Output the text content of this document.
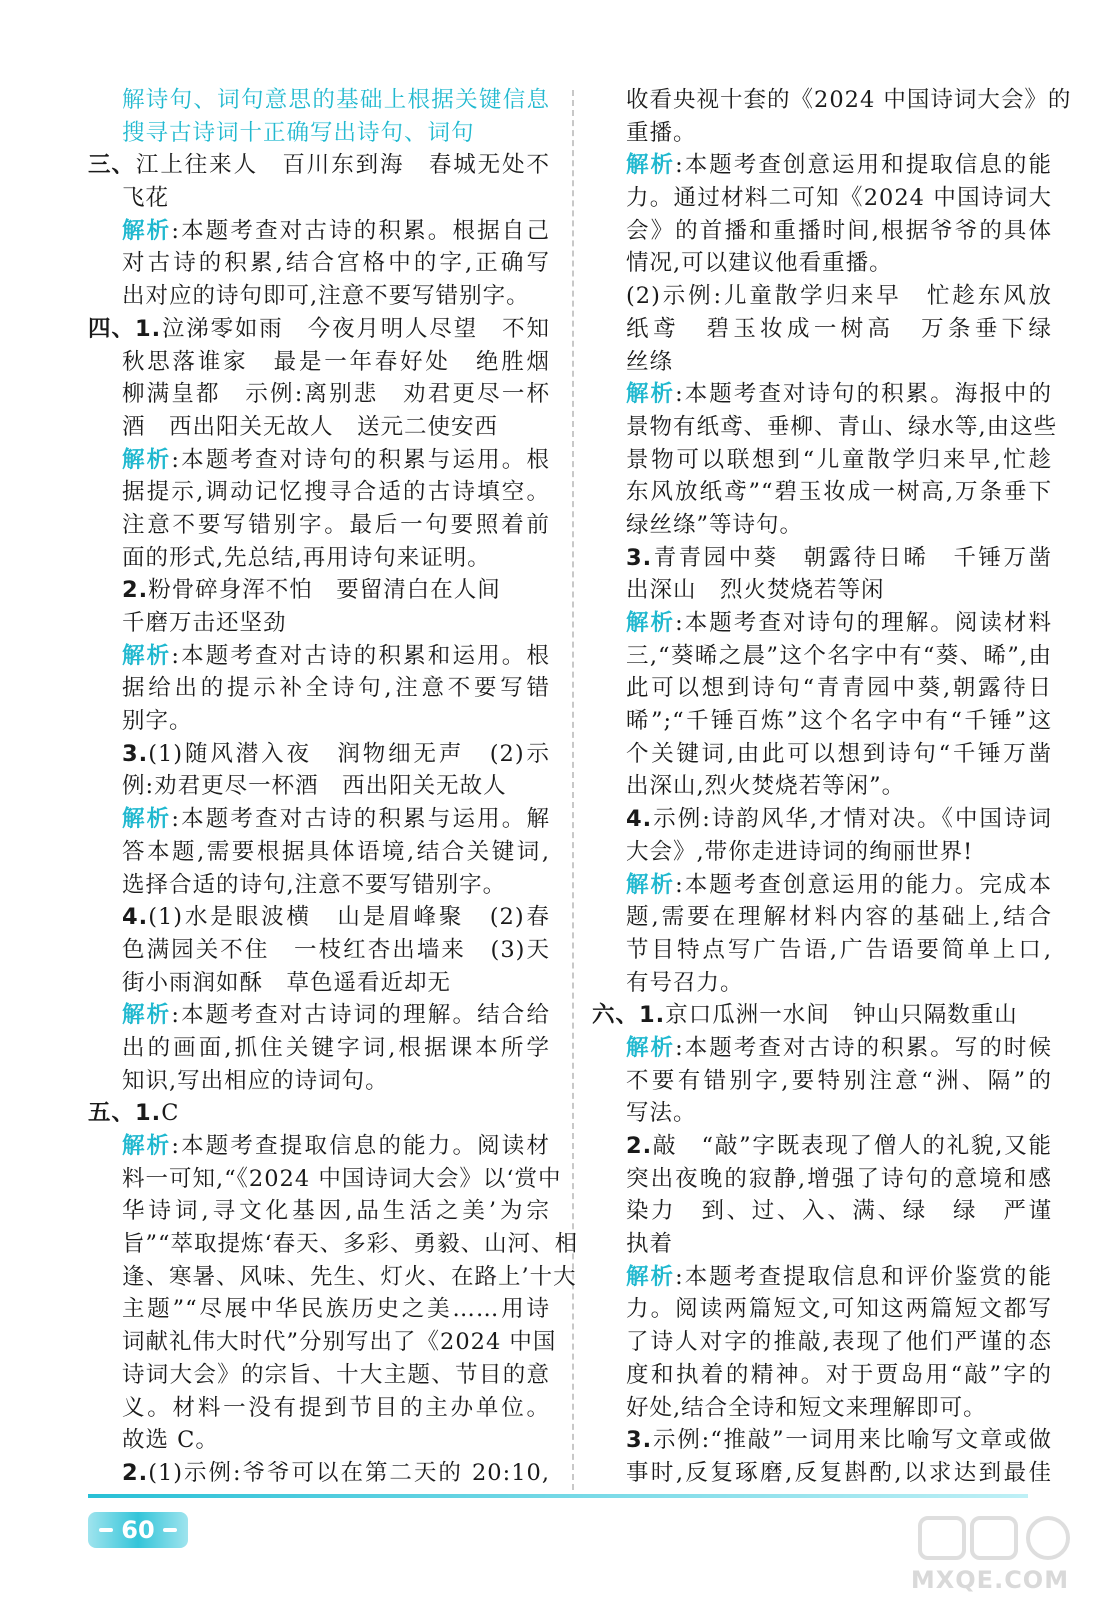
解诗句、词句意思的基础上根据关键信息
搜寻古诗词十正确写出诗句、词句
三、江上往来人　百川东到海　春城无处不
飞花
解析:本题考查对古诗的积累。根据自己
对古诗的积累,结合宫格中的字,正确写
出对应的诗句即可,注意不要写错别字。
四、1.泣涕零如雨　今夜月明人尽望　不知
秋思落谁家　最是一年春好处　绝胜烟
柳满皇都　示例:离别悲　劝君更尽一杯
酒　西出阳关无故人　送元二使安西
解析:本题考查对诗句的积累与运用。根
据提示,调动记忆搜寻合适的古诗填空。
注意不要写错别字。最后一句要照着前
面的形式,先总结,再用诗句来证明。
2.粉骨碎身浑不怕　要留清白在人间
千磨万击还坚劲
解析:本题考查对古诗的积累和运用。根
据给出的提示补全诗句,注意不要写错
别字。
3.(1)随风潜入夜　润物细无声　(2)示
例:劝君更尽一杯酒　西出阳关无故人
解析:本题考查对古诗的积累与运用。解
答本题,需要根据具体语境,结合关键词,
选择合适的诗句,注意不要写错别字。
4.(1)水是眼波横　山是眉峰聚　(2)春
色满园关不住　一枝红杏出墙来　(3)天
街小雨润如酥　草色遥看近却无
解析:本题考查对古诗词的理解。结合给
出的画面,抓住关键字词,根据课本所学
知识,写出相应的诗词句。
五、1.C
解析:本题考查提取信息的能力。阅读材
料一可知,“《2024 中国诗词大会》以‘赏中
华诗词,寻文化基因,品生活之美’为宗
旨”“萃取提炼‘春天、多彩、勇毅、山河、相
逢、寒暑、风味、先生、灯火、在路上’十大
主题”“尽展中华民族历史之美……用诗
词献礼伟大时代”分别写出了《2024 中国
诗词大会》的宗旨、十大主题、节目的意
义。材料一没有提到节目的主办单位。
故选 C。
2.(1)示例:爷爷可以在第二天的 20:10,
收看央视十套的《2024 中国诗词大会》的
重播。
解析:本题考查创意运用和提取信息的能
力。通过材料二可知《2024 中国诗词大
会》的首播和重播时间,根据爷爷的具体
情况,可以建议他看重播。
(2)示例:儿童散学归来早　忙趁东风放
纸鸢　碧玉妆成一树高　万条垂下绿
丝绦
解析:本题考查对诗句的积累。海报中的
景物有纸鸢、垂柳、青山、绿水等,由这些
景物可以联想到“儿童散学归来早,忙趁
东风放纸鸢”“碧玉妆成一树高,万条垂下
绿丝绦”等诗句。
3.青青园中葵　朝露待日晞　千锤万凿
出深山　烈火焚烧若等闲
解析:本题考查对诗句的理解。阅读材料
三,“葵晞之晨”这个名字中有“葵、晞”,由
此可以想到诗句“青青园中葵,朝露待日
晞”;“千锤百炼”这个名字中有“千锤”这
个关键词,由此可以想到诗句“千锤万凿
出深山,烈火焚烧若等闲”。
4.示例:诗韵风华,才情对决。《中国诗词
大会》,带你走进诗词的绚丽世界!
解析:本题考查创意运用的能力。完成本
题,需要在理解材料内容的基础上,结合
节目特点写广告语,广告语要简单上口,
有号召力。
六、1.京口瓜洲一水间　钟山只隔数重山
解析:本题考查对古诗的积累。写的时候
不要有错别字,要特别注意“洲、隔”的
写法。
2.敲　“敲”字既表现了僧人的礼貌,又能
突出夜晚的寂静,增强了诗句的意境和感
染力　到、过、入、满、绿　绿　严谨
执着
解析:本题考查提取信息和评价鉴赏的能
力。阅读两篇短文,可知这两篇短文都写
了诗人对字的推敲,表现了他们严谨的态
度和执着的精神。对于贾岛用“敲”字的
好处,结合全诗和短文来理解即可。
3.示例:“推敲”一词用来比喻写文章或做
事时,反复琢磨,反复斟酌,以求达到最佳
60
MXQE.COM
